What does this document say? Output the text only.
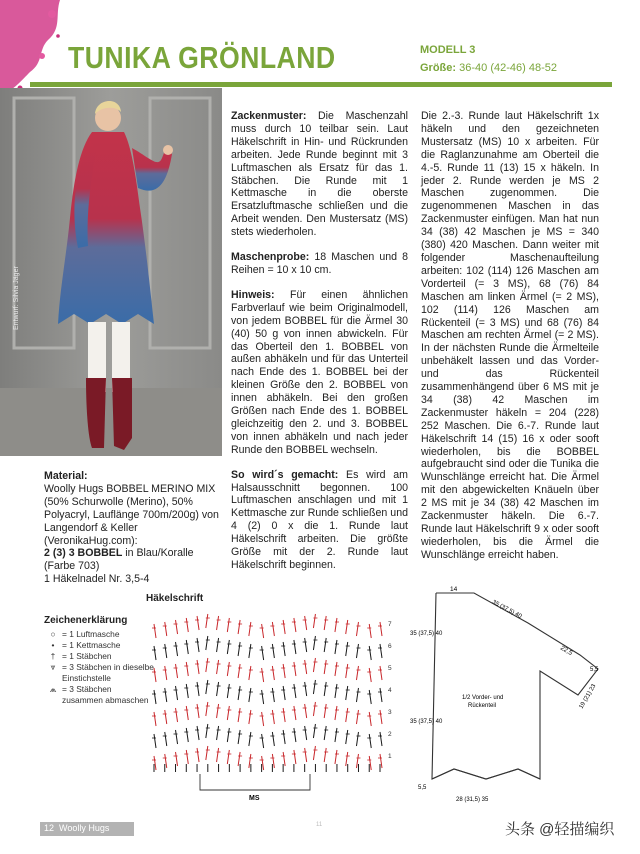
TUNIKA GRÖNLAND	MODELL 3
Größe: 36-40 (42-46) 48-52
Entwurf: Silvia Jäger

Zackenmuster: Die Maschenzahl muss durch 10 teilbar sein. Laut Häkelschrift in Hin- und Rückrunden arbeiten. Jede Runde beginnt mit 3 Luftmaschen als Ersatz für das 1. Stäbchen. Die Runde mit 1 Kettmasche in die oberste Ersatzluftmasche schließen und die Arbeit wenden. Den Mustersatz (MS) stets wiederholen.

Maschenprobe: 18 Maschen und 8 Reihen = 10 x 10 cm.

Hinweis: Für einen ähnlichen Farbverlauf wie beim Originalmodell, von jedem BOBBEL für die Ärmel 30 (40) 50 g von innen abwickeln. Für das Oberteil den 1. BOBBEL von außen abhäkeln und für das Unterteil nach Ende des 1. BOBBEL bei der kleinen Größe den 2. BOBBEL von innen abhäkeln. Bei den großen Größen nach Ende des 1. BOBBEL gleichzeitig den 2. und 3. BOBBEL von innen abhäkeln und nach jeder Runde den BOBBEL wechseln.

So wird´s gemacht: Es wird am Halsausschnitt begonnen. 100 Luftmaschen anschlagen und mit 1 Kettmasche zur Runde schließen und 4 (2) 0 x die 1. Runde laut Häkelschrift arbeiten. Die größte Größe mit der 2. Runde laut Häkelschrift beginnen.

Die 2.-3. Runde laut Häkelschrift 1x häkeln und den gezeichneten Mustersatz (MS) 10 x arbeiten. Für die Raglanzunahme am Oberteil die 4.-5. Runde 11 (13) 15 x häkeln. In jeder 2. Runde werden je MS 2 Maschen zugenommen. Die zugenommenen Maschen in das Zackenmuster einfügen. Man hat nun 34 (38) 42 Maschen je MS = 340 (380) 420 Maschen. Dann weiter mit folgender Maschenaufteilung arbeiten: 102 (114) 126 Maschen am Vorderteil (= 3 MS), 68 (76) 84 Maschen am linken Ärmel (= 2 MS), 102 (114) 126 Maschen am Rückenteil (= 3 MS) und 68 (76) 84 Maschen am rechten Ärmel (= 2 MS). In der nächsten Runde die Ärmelteile unbehäkelt lassen und das Vorder- und das Rückenteil zusammenhängend über 6 MS mit je 34 (38) 42 Maschen im Zackenmuster häkeln = 204 (228) 252 Maschen. Die 6.-7. Runde laut Häkelschrift 14 (15) 16 x oder sooft wiederholen, bis die BOBBEL aufgebraucht sind oder die Tunika die Wunschlänge erreicht hat. Die Ärmel mit den abgewickelten Knäueln über 2 MS mit je 34 (38) 42 Maschen im Zackenmuster häkeln. Die 6.-7. Runde laut Häkelschrift 9 x oder sooft wiederholen, bis die Ärmel die Wunschlänge erreicht haben.

Material:
Woolly Hugs BOBBEL MERINO MIX (50% Schurwolle (Merino), 50% Polyacryl, Lauflänge 700m/200g) von Langendorf & Keller (VeronikaHug.com):
2 (3) 3 BOBBEL in Blau/Koralle (Farbe 703)
1 Häkelnadel Nr. 3,5-4
Zeichenerklärung
○ = 1 Luftmasche
• = 1 Kettmasche
† = 1 Stäbchen
⩔ = 3 Stäbchen in dieselbe Einstichstelle
⩕ = 3 Stäbchen zusammen abmaschen
Häkelschrift
7
6
5
4
3
2
1
MS
14
35 (37,5) 40
22,5
5,5
19 (21) 23
35 (37,5) 40
35 (37,5) 40
5,5
28 (31,5) 35
1/2 Vorder- und
Rückenteil
12 Woolly Hugs	11	头条 @轻描编织
